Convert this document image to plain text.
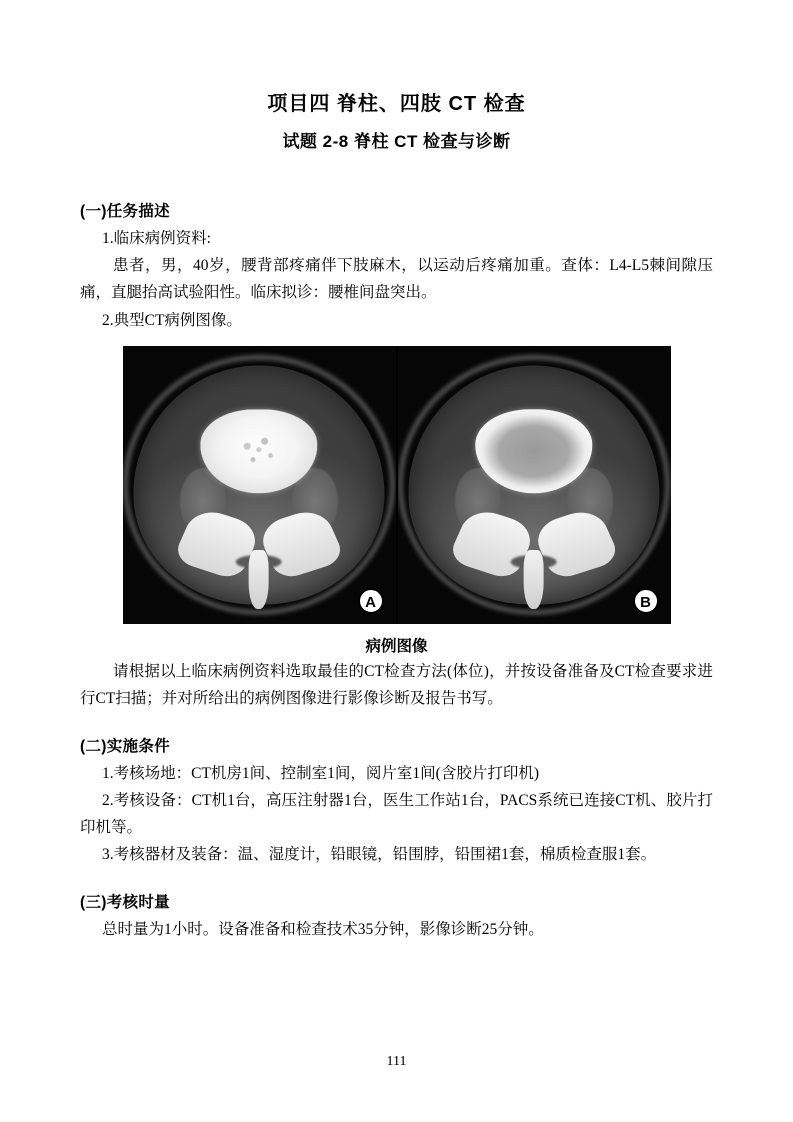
项目四 脊柱、四肢 CT 检查
试题 2-8 脊柱 CT 检查与诊断
(一)任务描述

1.临床病例资料:

患者，男，40岁，腰背部疼痛伴下肢麻木，以运动后疼痛加重。查体：L4-L5棘间隙压痛，直腿抬高试验阳性。临床拟诊：腰椎间盘突出。

2.典型CT病例图像。

A	B
病例图像

请根据以上临床病例资料选取最佳的CT检查方法(体位)，并按设备准备及CT检查要求进行CT扫描；并对所给出的病例图像进行影像诊断及报告书写。

(二)实施条件

1.考核场地：CT机房1间、控制室1间，阅片室1间(含胶片打印机)

2.考核设备：CT机1台，高压注射器1台，医生工作站1台，PACS系统已连接CT机、胶片打印机等。

3.考核器材及装备：温、湿度计，铅眼镜，铅围脖，铅围裙1套，棉质检查服1套。

(三)考核时量

总时量为1小时。设备准备和检查技术35分钟，影像诊断25分钟。

111
